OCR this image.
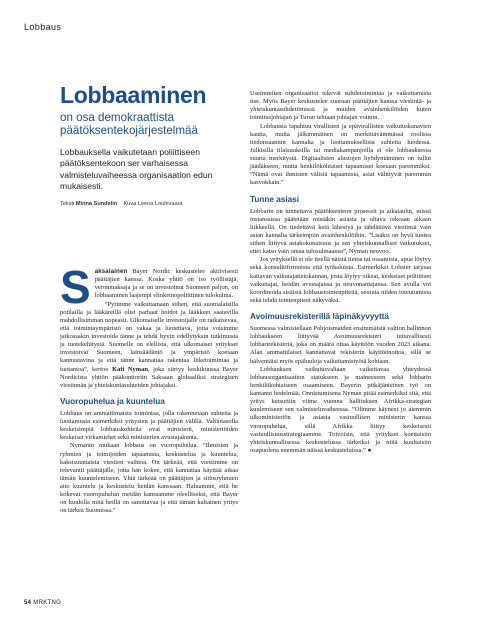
Lobbaus
Lobbaaminen
on osa demokraattista päätöksentekojärjestelmää
Lobbauksella vaikutetaan poliittiseen päätöksentekoon ser varhaisessa valmisteluvaiheessa organisaation edun mukaisesti.
Teksti Minna Sundelin Kuva Leena Louhivaara

Saksalainen Bayer Nordic keskustelee aktiivisesti päättäjien kanssa. Koska yhtiö on iso työllistäjä, veronmaksaja ja se on investoinut Suomeen paljon, on lobbaaminen laajempi elinkeinopoliittinen tulokulma.

”Pyrimme vaikuttamaan siihen, että suomalaisilla potilailla ja lääkäreillä olisi parhaat hoidot ja lääkkeet saatavilla mahdollisimman nopeasti. Ulkomaiselle investoijalle on ratkaisevaa, että toimintaympäristö on vakaa ja luotettava, jotta voisimme jatkossakin investoida tänne ja tehdä hyvin edellytyksin tutkimusta ja tuotekehitystä. Suomelle on elellista, että ulkomaiset yritykset investoivat Suomeen, lainsäädäntö ja ympäristö koetaan kannustavina ja että tänne kannattaa rakentaa liiketoimintaa ja tuotantoa”, kertoo Kati Nyman, joka siirtyy keskikuussa Bayer Nordicista yhtiön pääkonttoriin Saksaan globaaliksi strategisen viestinnän ja yhteiskuntasuhteiden johtajaksi.

Vuoropuhelua ja kuuntelua

Lobbaus on ammattimaista toimintaa, jolla rakennetaan suhteita ja luottamusta esimerkiksi yritysten ja päättäjien välillä. Valtiotasolla keskeisimpiä lobbauskohteita ovat ministerit, ministeriöiden keskeiset virkamiehet sekä ministerien avustajakunta.

Nymanin mukaan lobbaus on vuoropuhelua. ”Ihmisten ja ryhmien ja toimijoiden tapaamista, keskustelua ja kuuntelua, kaksisuuntaista viestien vaihtoa. On tärkeää, että viestimme on relevantti päättäjälle, jotta hän kokee, että kannattaa käyttää aikaa tämän kuuntelemiseen. Yhtä tärkeää on päättäjien ja sidosryhmien aito kuuntelu ja keskustelu heidän kanssaan. Haluamme, että he kokevat vuoropuhelun meidän kanssamme oleelliseksi, että Bayer on kuulolla mitä heillä on sanottavaa ja että tämän kaltainen yritys on tärkeä Suomessa.”

Useimmiten organisaatiot tekevät suhdetoimintaa ja vaikuttamista itse. Myös Bayer keskustelee suoraan päättäjien kanssa viestintä- ja yhteiskuntasuhdetiimissä ja muiden avainhenkilöiden kuten toimitusjohtajan ja Turun tehtaan johtajan voimin.

Lobbausta tapahtuu virallisten ja epävirallisten vaikutuskanavien kautta, mutta jälkimmäinen on merkittävämmässä roolissa tiedonsaannin kannalta ja luottamuksellisia suhteita luodessa. Julkisilla tilaisuuksilla tai mediakampanjoilla ei ole lobbauksessa suurta merkitystä. Digitaalisten alustojen hyödyntäminen on tullut jäädäkseen, mutta henkilökohtaiset tapaamiset koetaan paremmiksi. ”Nämä ovat ihmisten välisiä tapaamisia, asiat välittyvät paremmin kasvokkain.”

Tunne asiasi

Lobbarin on tunnettava päätöksenteon prosessit ja aikataulut, missä instanssissa päätetään mistäkin asiasta ja oltava oikeaan aikaan liikkeellä. On tiedettävä ketä lähestyä ja tähdättävä viestinsä vain asian kannalta tärkeimpiin avainhenkilöihin. ”Lisäksi on hyvä tuntea siihen liittyvä asiakokonaisuus ja sen yhteiskunnalliset vaikutukset, ettei katso vain omaa tulosulmaansa”, Nyman neuvoo.

Jos yrityksellä ei ole itsellä näistä tietoa tai osaamista, apua löytyy sekä konsulttifirmoista että työkaluista. Esimerkiksi Lobster tarjoaa kattavan vaikutajatietokannan, josta löytyy oikeat, keskeiset poliittiset vaikuttajat, heidän avustajansa ja neuvonantajansa. Sen avulla voi koordinoida sisäisiä lobbaustoimenpiteitä, seurata niiden toteutumista sekä tehdä toimenpiteet näkyväksi.

Avoimuusrekisterillä läpinäkyvyyttä

Suomessa valmistellaan Pohjoismaiden ensimmäistä valtion hallinnon lobbaukseen liittyvää Avoimuusrekisteri tuttavallisesti lobbarirekisteriä, joka on määrä ottaa käyttöön vuoden 2023 aikana. Alan ammattilaiset kannattavat rekisterin käyttöönottoa, sillä se hälventäisi myös epäluuloja vaikuttamistyötä kohtaan.

Lobbauksen vaikutusvaltaan vaikuttavaa yhteydessä lobbausorganisaation statukseen ja maineeseen sekä lobbarin henkilökohtaiseen osaamiseen. Bayerin pitkäjänteinen työ on kantanut hedelmää. Onnistumisena Nyman pitää esimerkiksi sitä, että yritys kutsuttiin viime vuonna hallituksen Afrikka-strategian kuulemiseen sen valmisteluvaiheessa. ”Olimme käyneet jo aiemmin ulkoministeriön ja asiasta vastuullisen ministerin kanssa vuoropuhelua, sillä Afrikka liittyy keskeisesti vastuullisuusstrategiaamme. Toivoisin, että yritykset koettaisiin yhteiskunnallisessa keskustelussa tärkeiksi ja niitä kuultaisiin osapuolena enemmän näissä keskusteluissa.” ●

54 MRKTNG
